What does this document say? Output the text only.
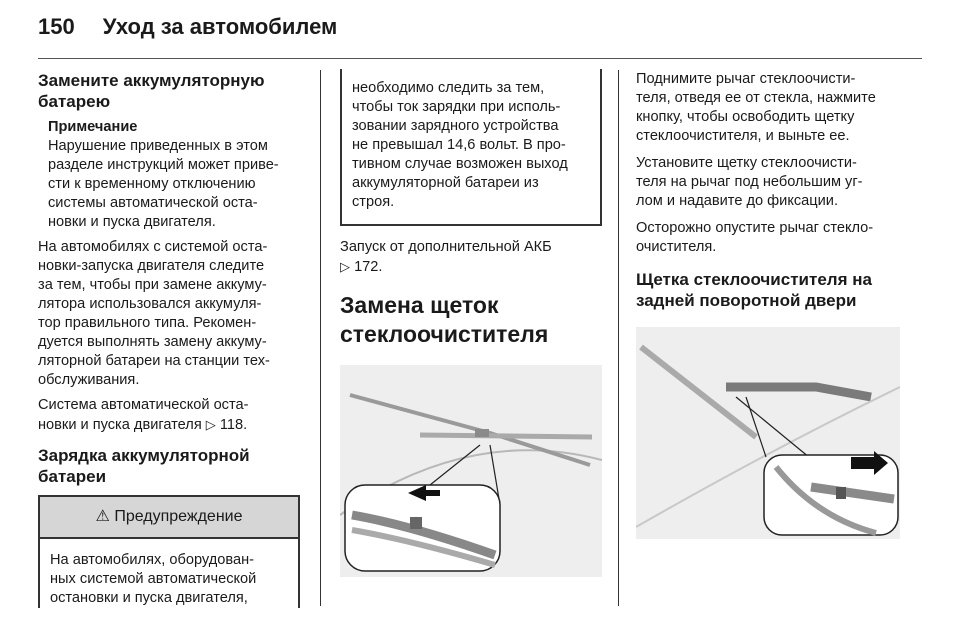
150 Уход за автомобилем
Замените аккумуляторную
батарею
Примечание
Нарушение приведенных в этом
разделе инструкций может приве-
сти к временному отключению
системы автоматической оста-
новки и пуска двигателя.
На автомобилях с системой оста-
новки-запуска двигателя следите
за тем, чтобы при замене аккуму-
лятора использовался аккумуля-
тор правильного типа. Рекомен-
дуется выполнять замену аккуму-
ляторной батареи на станции тех-
обслуживания.
Система автоматической оста-
новки и пуска двигателя ▷ 118.
Зарядка аккумуляторной
батареи
⚠ Предупреждение
На автомобилях, оборудован-
ных системой автоматической
остановки и пуска двигателя,
необходимо следить за тем,
чтобы ток зарядки при исполь-
зовании зарядного устройства
не превышал 14,6 вольт. В про-
тивном случае возможен выход
аккумуляторной батареи из
строя.
Запуск от дополнительной АКБ
▷ 172.
Замена щеток
стеклоочистителя
Поднимите рычаг стеклоочисти-
теля, отведя ее от стекла, нажмите
кнопку, чтобы освободить щетку
стеклоочистителя, и выньте ее.
Установите щетку стеклоочисти-
теля на рычаг под небольшим уг-
лом и надавите до фиксации.
Осторожно опустите рычаг стекло-
очистителя.
Щетка стеклоочистителя на
задней поворотной двери
